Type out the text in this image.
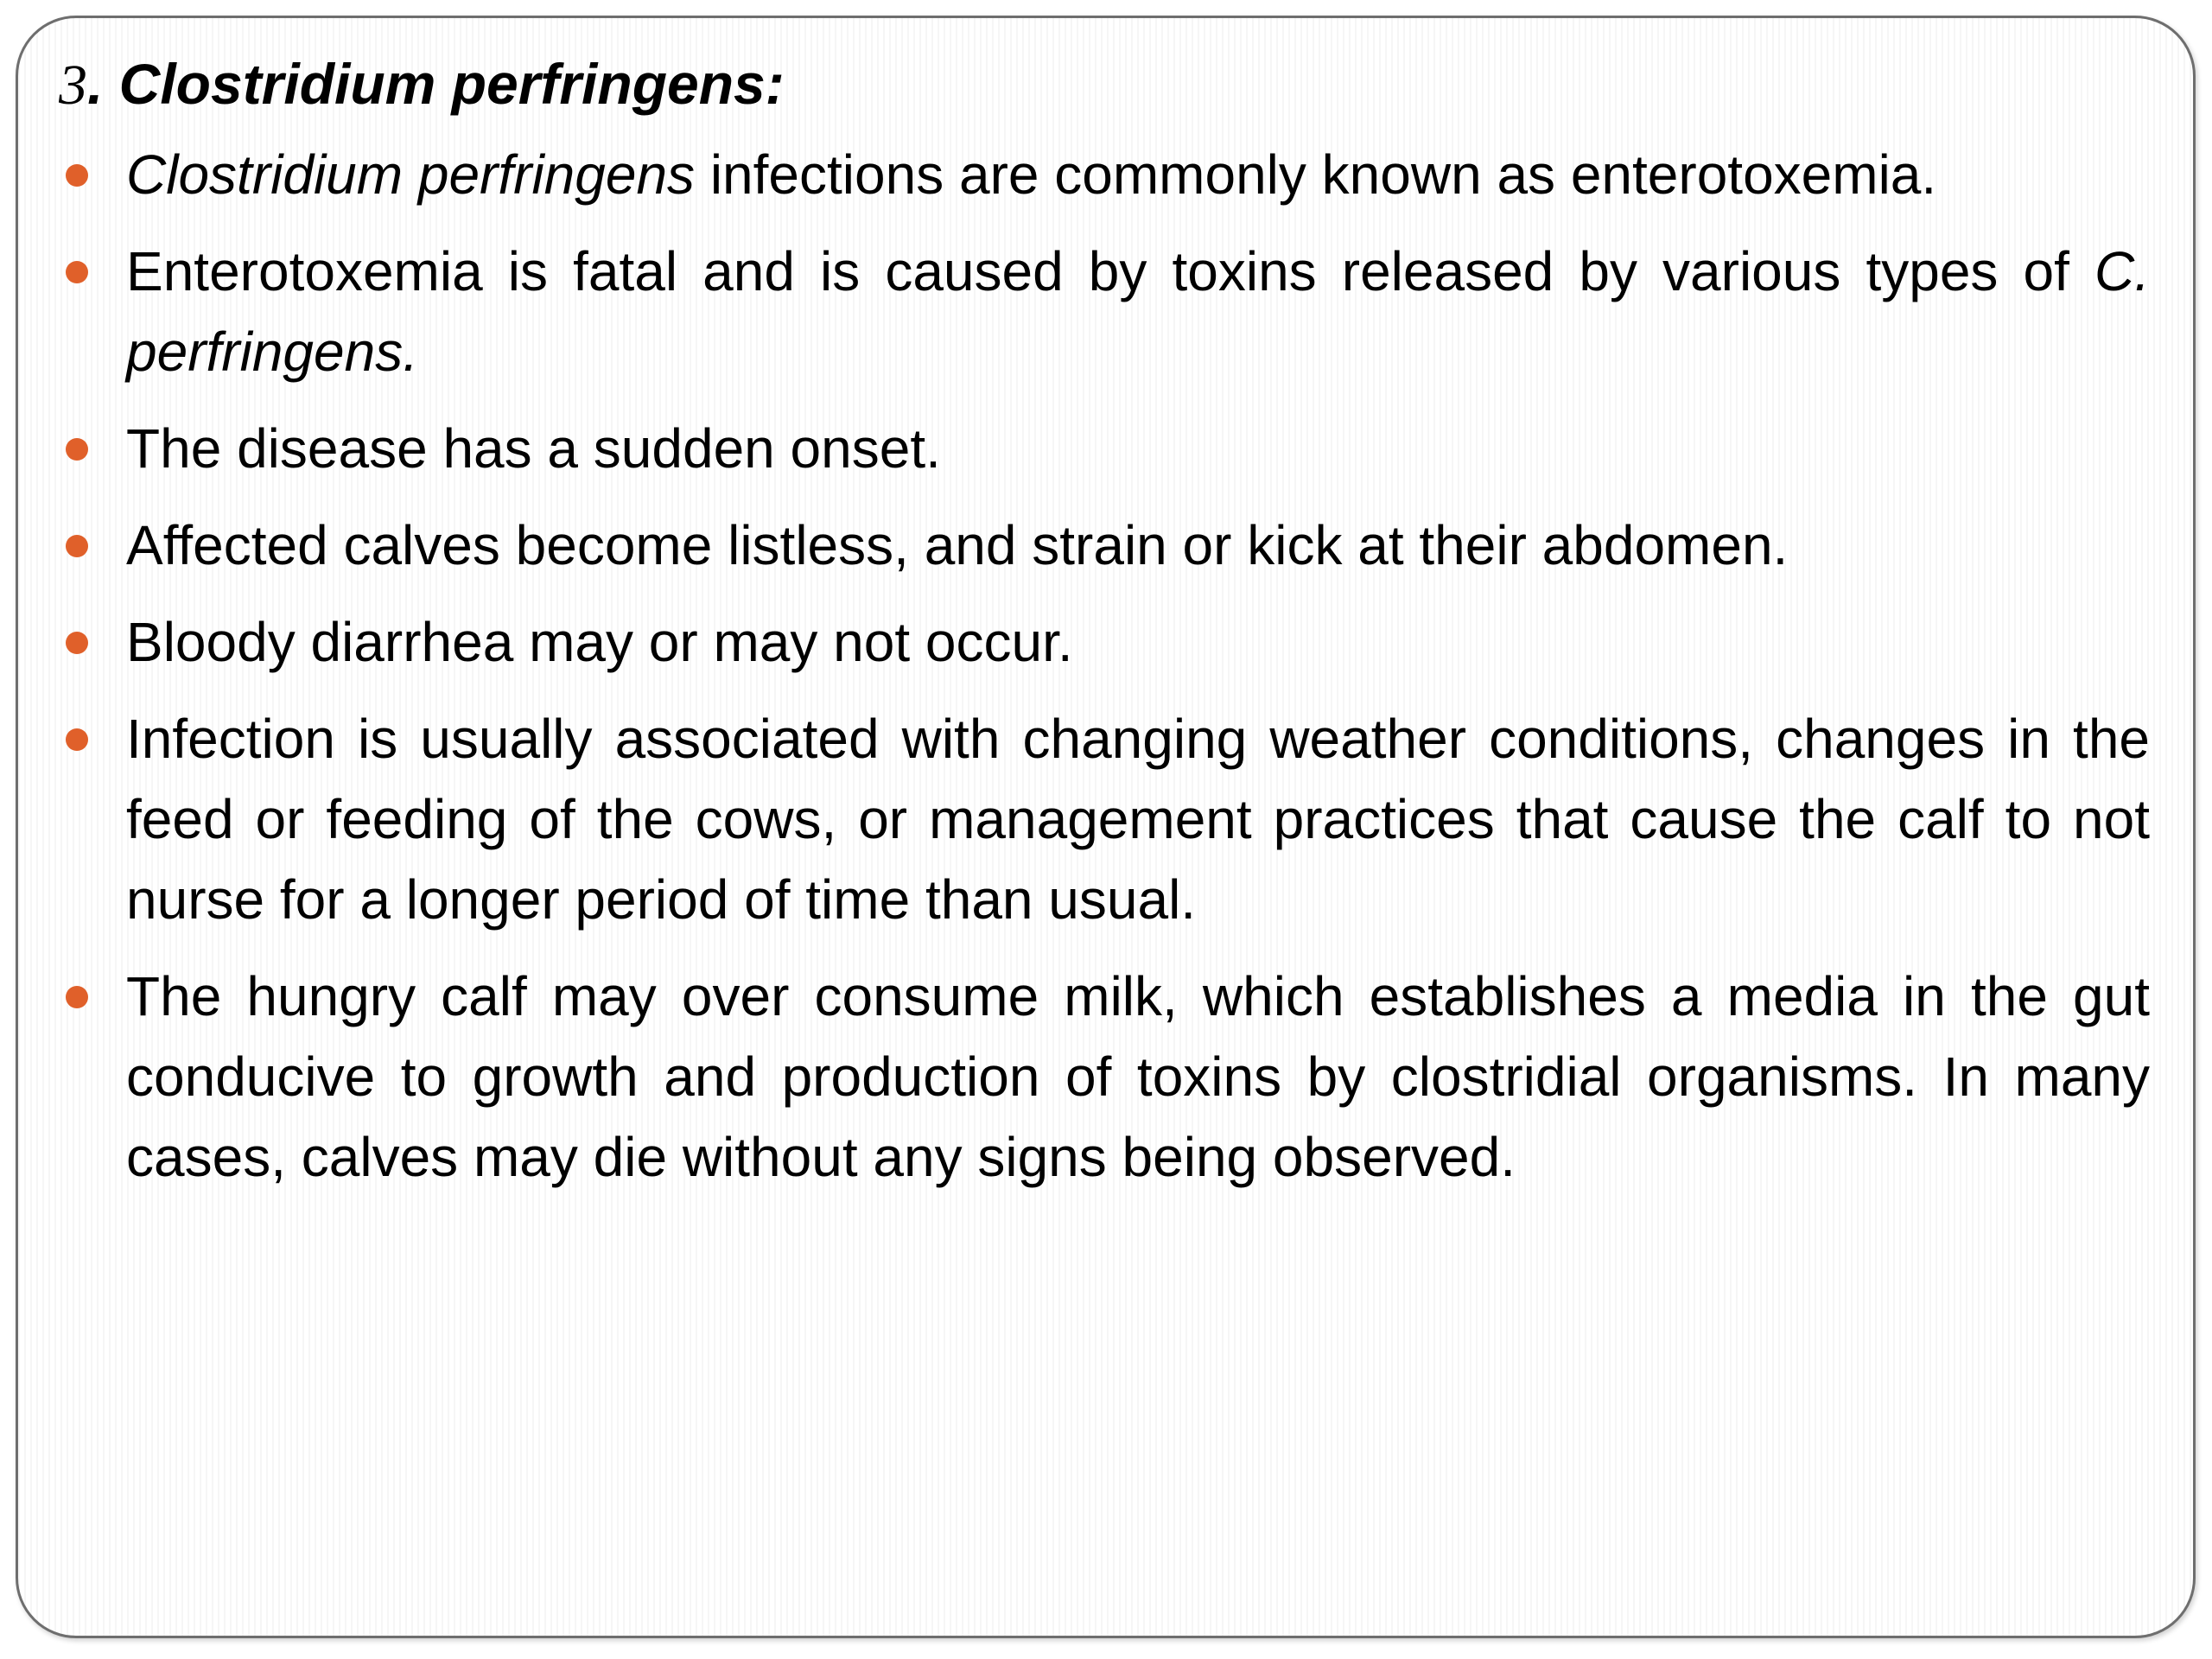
3. Clostridium perfringens:
Clostridium perfringens infections are commonly known as enterotoxemia.
Enterotoxemia is fatal and is caused by toxins released by various types of C. perfringens.
The disease has a sudden onset.
Affected calves become listless, and strain or kick at their abdomen.
Bloody diarrhea may or may not occur.
Infection is usually associated with changing weather conditions, changes in the feed or feeding of the cows, or management practices that cause the calf to not nurse for a longer period of time than usual.
The hungry calf may over consume milk, which establishes a media in the gut conducive to growth and production of toxins by clostridial organisms. In many cases, calves may die without any signs being observed.
